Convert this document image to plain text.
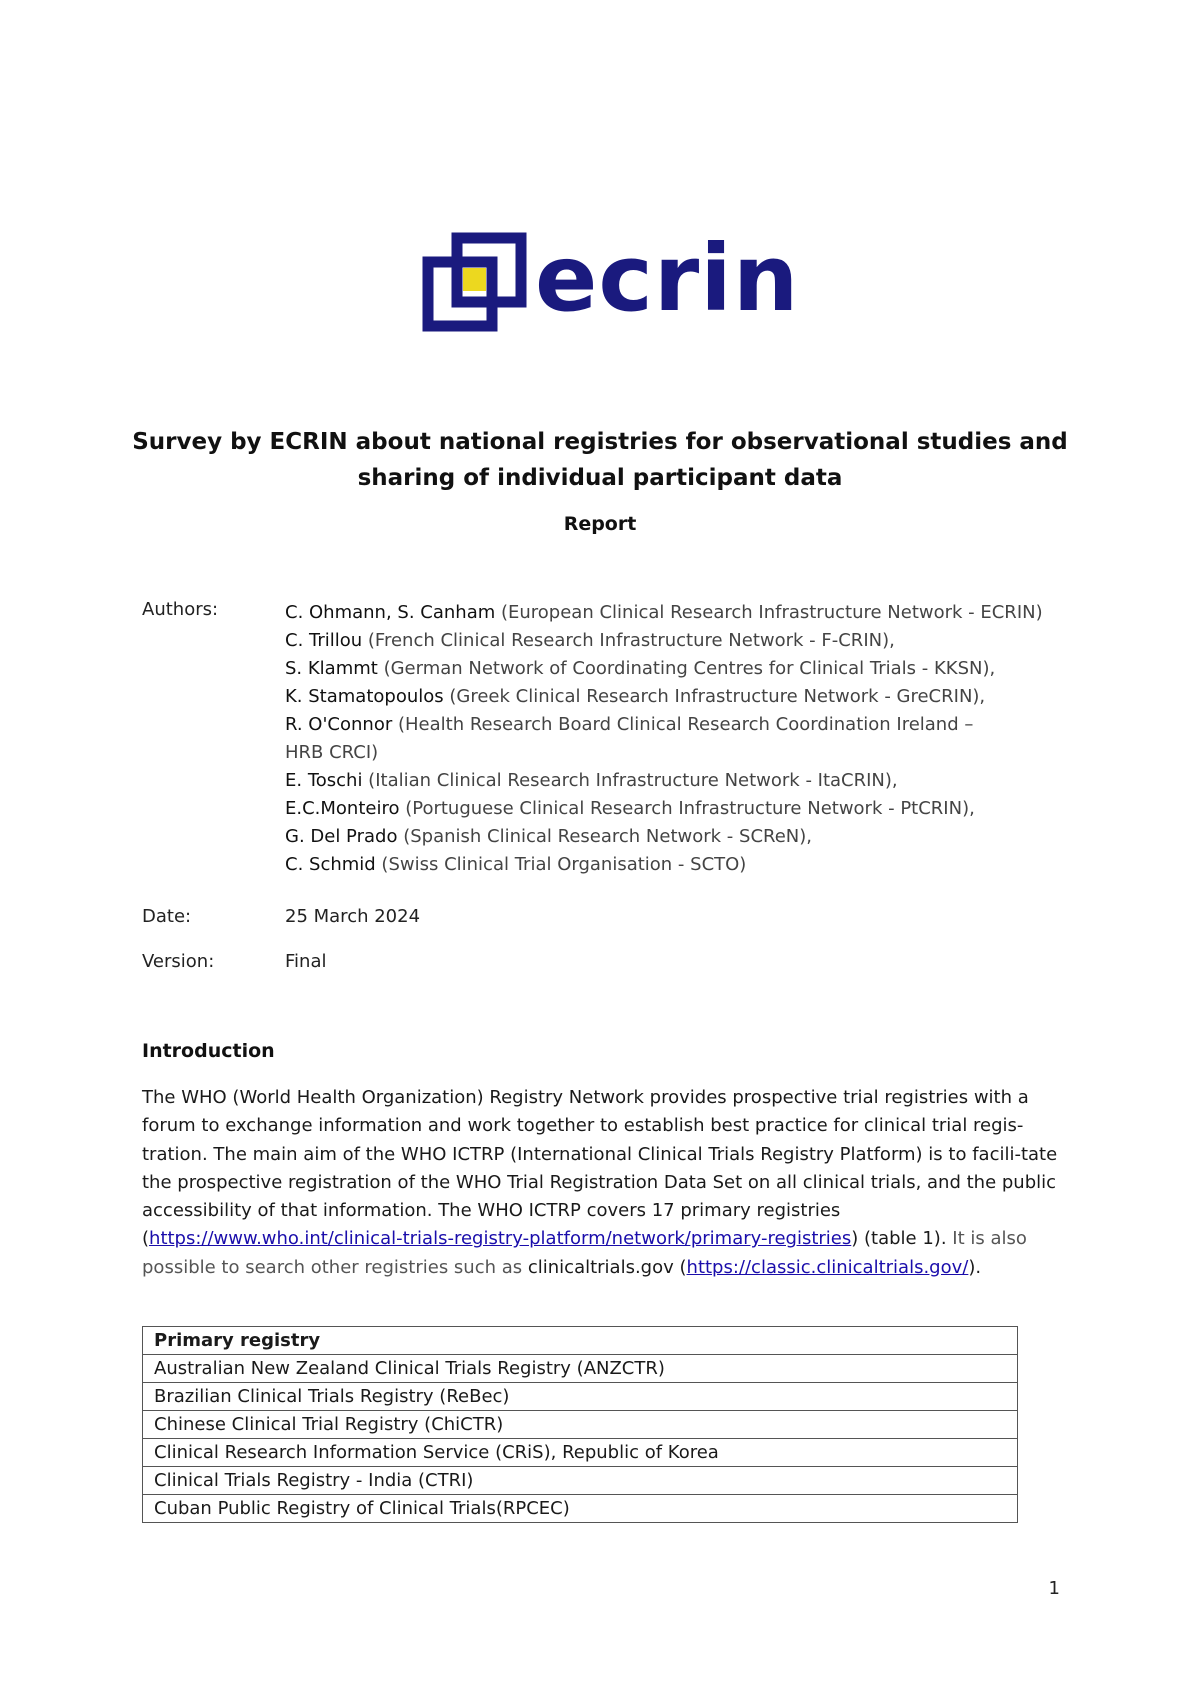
ecrin
Survey by ECRIN about national registries for observational studies and
sharing of individual participant data
Report
Authors:	C. Ohmann, S. Canham (European Clinical Research Infrastructure Network - ECRIN)
C. Trillou (French Clinical Research Infrastructure Network - F-CRIN),
S. Klammt (German Network of Coordinating Centres for Clinical Trials - KKSN),
K. Stamatopoulos (Greek Clinical Research Infrastructure Network - GreCRIN),
R. O'Connor (Health Research Board Clinical Research Coordination Ireland – HRB CRCI)
E. Toschi (Italian Clinical Research Infrastructure Network - ItaCRIN),
E.C.Monteiro (Portuguese Clinical Research Infrastructure Network - PtCRIN),
G. Del Prado (Spanish Clinical Research Network - SCReN),
C. Schmid (Swiss Clinical Trial Organisation - SCTO)
Date:	25 March 2024
Version:	Final
Introduction
The WHO (World Health Organization) Registry Network provides prospective trial registries with a forum to exchange information and work together to establish best practice for clinical trial regis-tration. The main aim of the WHO ICTRP (International Clinical Trials Registry Platform) is to facili-tate the prospective registration of the WHO Trial Registration Data Set on all clinical trials, and the public accessibility of that information. The WHO ICTRP covers 17 primary registries (https://www.who.int/clinical-trials-registry-platform/network/primary-registries) (table 1). It is also possible to search other registries such as clinicaltrials.gov (https://classic.clinicaltrials.gov/).
Primary registry
Australian New Zealand Clinical Trials Registry (ANZCTR)
Brazilian Clinical Trials Registry (ReBec)
Chinese Clinical Trial Registry (ChiCTR)
Clinical Research Information Service (CRiS), Republic of Korea
Clinical Trials Registry - India (CTRI)
Cuban Public Registry of Clinical Trials(RPCEC)
1
